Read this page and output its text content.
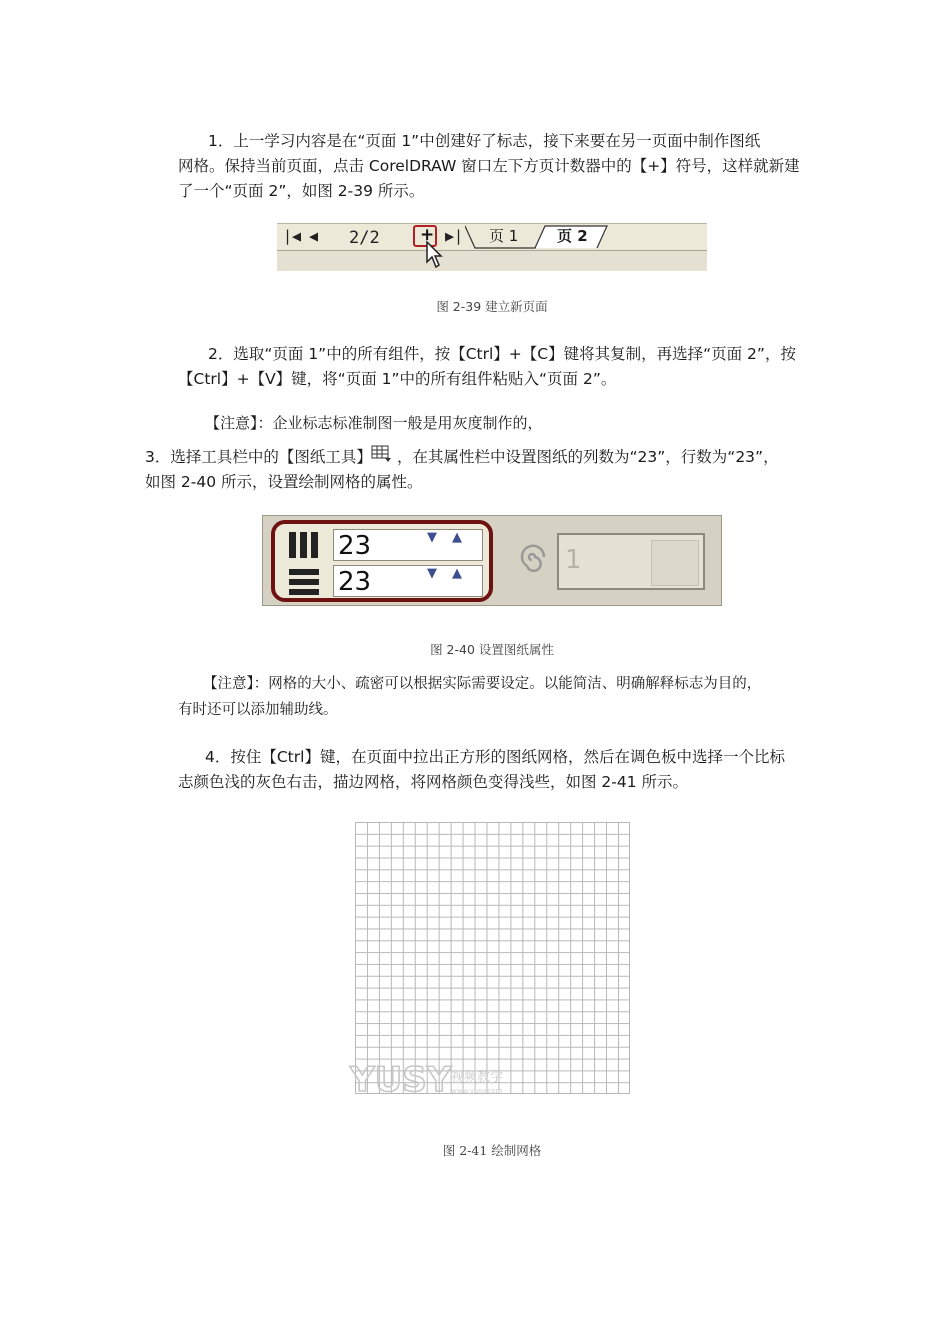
1．上一学习内容是在“页面 1”中创建好了标志，接下来要在另一页面中制作图纸
网格。保持当前页面，点击 CorelDRAW 窗口左下方页计数器中的【+】符号，这样就新建
了一个“页面 2”，如图 2-39 所示。
|◀ ◀ 2/2 + ▶| 页 1	页 2
图 2-39 建立新页面
2．选取“页面 1”中的所有组件，按【Ctrl】+【C】键将其复制，再选择“页面 2”，按
【Ctrl】+【V】键，将“页面 1”中的所有组件粘贴入“页面 2”。
【注意】：企业标志标准制图一般是用灰度制作的，
3．选择工具栏中的【图纸工具】 ，在其属性栏中设置图纸的列数为“23”，行数为“23”，
如图 2-40 所示，设置绘制网格的属性。
23
23
▼ ▲
▼ ▲	1
图 2-40 设置图纸属性
【注意】：网格的大小、疏密可以根据实际需要设定。以能简洁、明确解释标志为目的，
有时还可以添加辅助线。
4．按住【Ctrl】键，在页面中拉出正方形的图纸网格，然后在调色板中选择一个比标
志颜色浅的灰色右击，描边网格，将网格颜色变得浅些，如图 2-41 所示。
YUSY 视频教学
www.yusy.com
图 2-41 绘制网格
